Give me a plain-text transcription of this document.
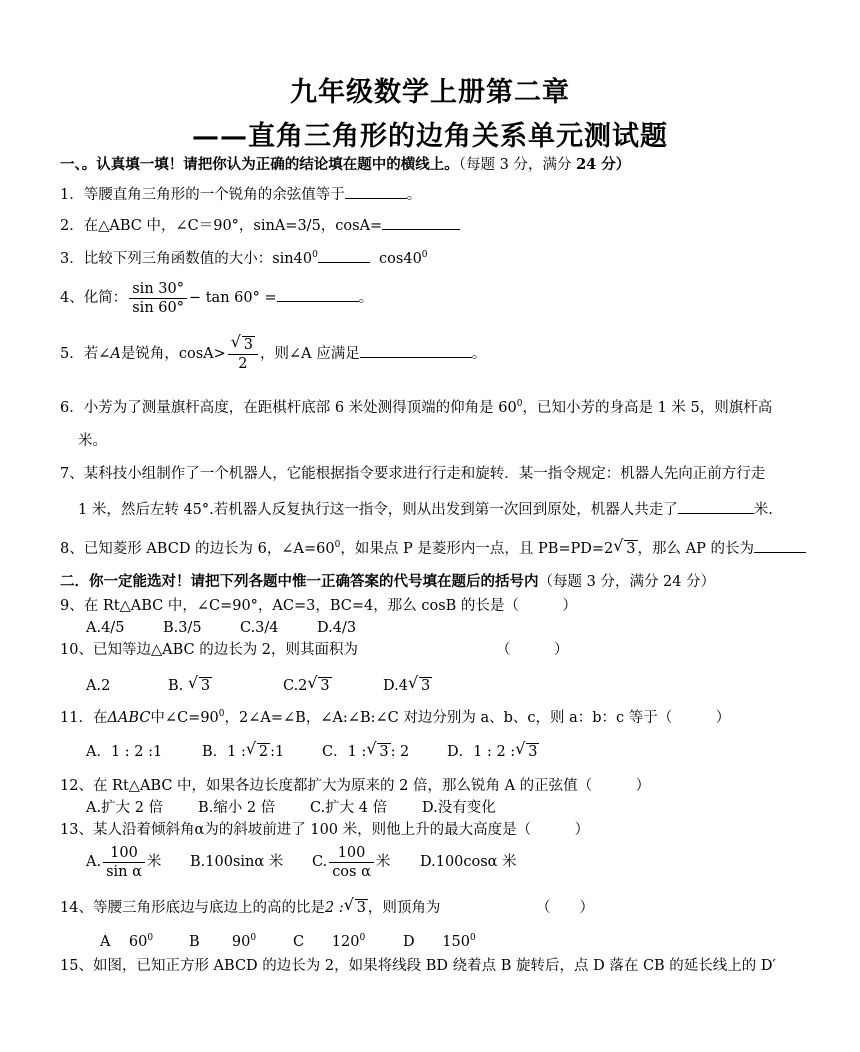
九年级数学上册第二章
——直角三角形的边角关系单元测试题
一、。认真填一填！请把你认为正确的结论填在题中的横线上。（每题 3 分，满分 24 分）
1．等腰直角三角形的一个锐角的余弦值等于	。
2．在△ABC 中，∠C＝90°，sinA=3/5，cosA=
3．比较下列三角函数值的大小：$\sin 40^0$	$\cos 40^0$
4、化简： $\frac{\sin 30^\circ}{\sin 60^\circ} - \tan 60^\circ$ =	。
5．若∠A是锐角，$\cos A> \frac{√ 3}{2}$ ，则∠A 应满足	。
6．小芳为了测量旗杆高度，在距棋杆底部 6 米处测得顶端的仰角是 $60^0$，已知小芳的身高是 1 米 5，则旗杆高
米。
7、某科技小组制作了一个机器人，它能根据指令要求进行行走和旋转．某一指令规定：机器人先向正前方行走
1 米，然后左转 45°.若机器人反复执行这一指令，则从出发到第一次回到原处，机器人共走了	米.
8、已知菱形 ABCD 的边长为 6，$\angle A=60^0$，如果点 P 是菱形内一点，且 PB=PD=2 √ 3 ，那么 AP 的长为
二．你一定能选对！请把下列各题中惟一正确答案的代号填在题后的括号内（每题 3 分，满分 24 分）
9、在 Rt△ABC 中，∠C=90°，AC=3，BC=4，那么 cosB 的长是（　　　）
A.4/5	B.3/5	C.3/4	D.4/3
10、已知等边△ABC 的边长为 2，则其面积为	（　　　）
A.2	B. √ 3	C.2 √ 3	D.4 √ 3
11．在ΔABC中$\angle C=90^0$，2∠A=∠B，∠A:∠B:∠C 对边分别为 a、b、c，则 a：b：c 等于（　　　）
A．1 : 2 :1	B．1 : √ 2 :1	C．1 : √ 3 : 2	D．1 : 2 : √ 3
12、在 Rt△ABC 中，如果各边长度都扩大为原来的 2 倍，那么锐角 A 的正弦值（　　　）
A.扩大 2 倍 B.缩小 2 倍 C.扩大 4 倍 D.没有变化
13、某人沿着倾斜角α为的斜坡前进了 100 米，则他上升的最大高度是（　　　）
A. $\frac{100}{\text{sin α}}$ 米 B.100sinα 米 C. $\frac{100}{\text{cos α}}$ 米 D.100cosα 米
14、等腰三角形底边与底边上的高的比是2 : √ 3 ，则顶角为	（　　）
A $60^0$ B $90^0$	C $120^0$	D $150^0$
15、如图，已知正方形 ABCD 的边长为 2，如果将线段 BD 绕着点 B 旋转后，点 D 落在 CB 的延长线上的 D′
